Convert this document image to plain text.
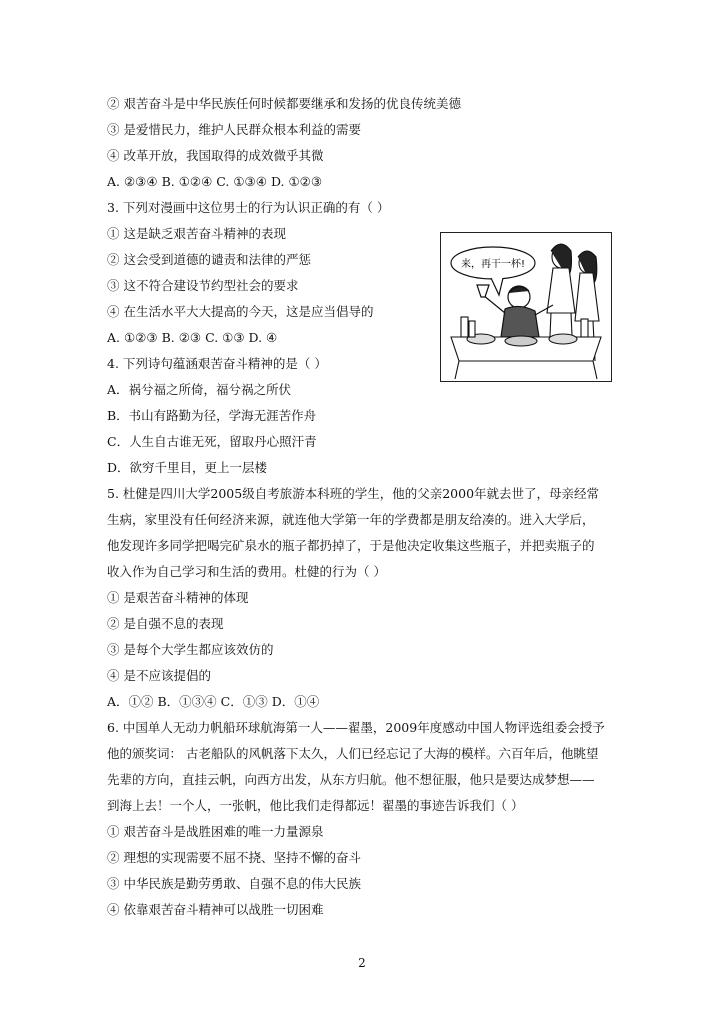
② 艰苦奋斗是中华民族任何时候都要继承和发扬的优良传统美德
③ 是爱惜民力，维护人民群众根本利益的需要
④ 改革开放，我国取得的成效微乎其微
A. ②③④ B. ①②④ C. ①③④ D. ①②③
3. 下列对漫画中这位男士的行为认识正确的有（ ）
① 这是缺乏艰苦奋斗精神的表现
② 这会受到道德的谴责和法律的严惩
③ 这不符合建设节约型社会的要求
④ 在生活水平大大提高的今天，这是应当倡导的
A. ①②③ B. ②③ C. ①③ D. ④
4. 下列诗句蕴涵艰苦奋斗精神的是（ ）
A．祸兮福之所倚，福兮祸之所伏
B．书山有路勤为径，学海无涯苦作舟
C．人生自古谁无死，留取丹心照汗青
D．欲穷千里目，更上一层楼
5. 杜健是四川大学2005级自考旅游本科班的学生，他的父亲2000年就去世了，母亲经常
生病，家里没有任何经济来源，就连他大学第一年的学费都是朋友给凑的。进入大学后，
他发现许多同学把喝完矿泉水的瓶子都扔掉了，于是他决定收集这些瓶子，并把卖瓶子的
收入作为自己学习和生活的费用。杜健的行为（ ）
① 是艰苦奋斗精神的体现
② 是自强不息的表现
③ 是每个大学生都应该效仿的
④ 是不应该提倡的
A．①② B．①③④ C．①③ D．①④
6. 中国单人无动力帆船环球航海第一人——翟墨，2009年度感动中国人物评选组委会授予
他的颁奖词： 古老船队的风帆落下太久，人们已经忘记了大海的模样。六百年后，他眺望
先辈的方向，直挂云帆，向西方出发，从东方归航。他不想征服，他只是要达成梦想——
到海上去！一个人，一张帆，他比我们走得都远！翟墨的事迹告诉我们（ ）
① 艰苦奋斗是战胜困难的唯一力量源泉
② 理想的实现需要不屈不挠、坚持不懈的奋斗
③ 中华民族是勤劳勇敢、自强不息的伟大民族
④ 依靠艰苦奋斗精神可以战胜一切困难
来，再干一杯!
2
